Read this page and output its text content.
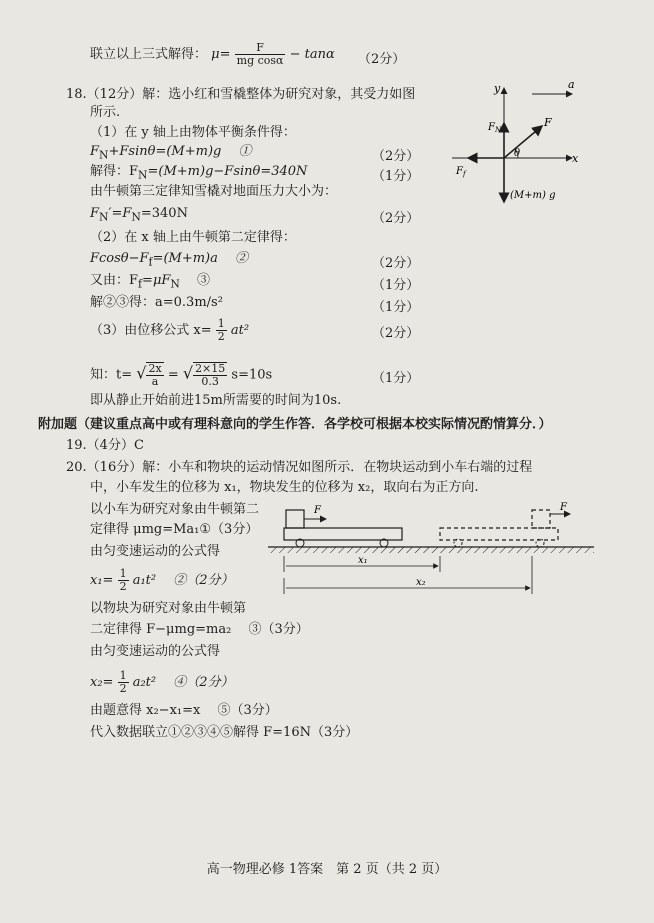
联立以上三式解得： $\mu= \frac{F}{\text{mg cosα}} - \tan\alpha$ （2分）
18.（12分）解：选小红和雪橇整体为研究对象，其受力如图
所示.
（1）在 y 轴上由物体平衡条件得：
$F_N+Fsin\theta=(M+m)g$　 ①	（2分）
解得：$F_N=(M+m)g-Fsin\theta=340N$	（1分）
由牛顿第三定律知雪橇对地面压力大小为：
$F_N'=F_N=340N$	（2分）
（2）在 x 轴上由牛顿第二定律得：
$Fcos\theta-F_f=(M+m)a$　 ②	（2分）
又由：$F_f=\mu F_N$　 ③	（1分）
解②③得：a=0.3m/s²	（1分）
（3）由位移公式 $x= \frac{1}{2} at^2$	（2分）
知：t= √ $\frac{2x}{a}$ = √ $\frac{2\times 15}{0.3} s=10s$	（1分）
即从静止开始前进15m所需要的时间为10s.
y
x
a
$F_N$
F
θ
$F_f$
(M+m) g
附加题（建议重点高中或有理科意向的学生作答．各学校可根据本校实际情况酌情算分．）
19.（4分）C
20.（16分）解：小车和物块的运动情况如图所示．在物块运动到小车右端的过程
中，小车发生的位移为 x₁，物块发生的位移为 x₂，取向右为正方向.
以小车为研究对象由牛顿第二
定律得 μmg=Ma₁①（3分）
由匀变速运动的公式得
$x_1= \frac{1}{2} a_1t^2$　 ②（2分）
以物块为研究对象由牛顿第
二定律得 F−μmg=ma₂　 ③（3分）
由匀变速运动的公式得
$x_2= \frac{1}{2} a_2t^2$　 ④（2分）
由题意得 x₂−x₁=x　 ⑤（3分）
代入数据联立①②③④⑤解得 F=16N（3分）
F	F
x₁
x₂
高一物理必修 1答案　第 2 页（共 2 页）
